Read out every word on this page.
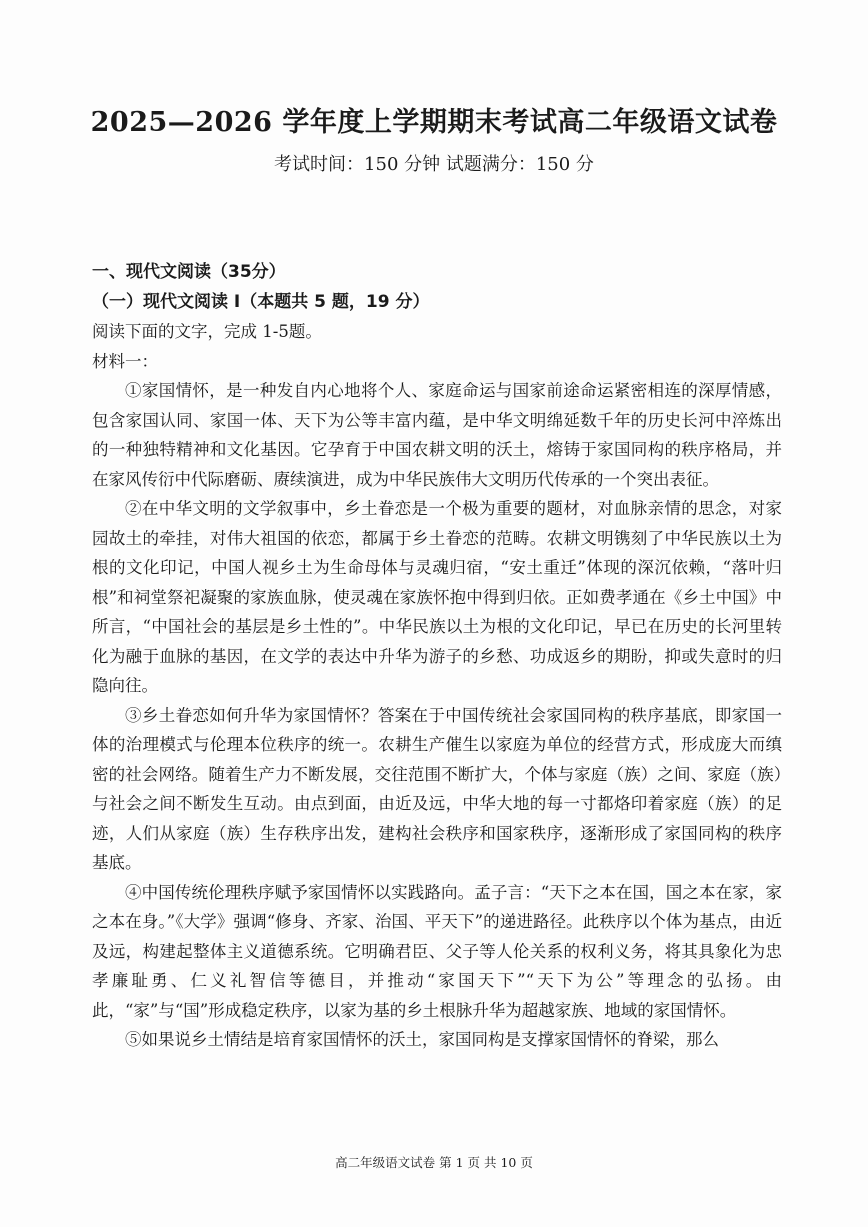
2025—2026 学年度上学期期末考试高二年级语文试卷

考试时间：150 分钟 试题满分：150 分

一、现代文阅读（35分）

（一）现代文阅读 I（本题共 5 题，19 分）

阅读下面的文字，完成 1-5题。

材料一：

①家国情怀，是一种发自内心地将个人、家庭命运与国家前途命运紧密相连的深厚情感，包含家国认同、家国一体、天下为公等丰富内蕴，是中华文明绵延数千年的历史长河中淬炼出的一种独特精神和文化基因。它孕育于中国农耕文明的沃土，熔铸于家国同构的秩序格局，并在家风传衍中代际磨砺、赓续演进，成为中华民族伟大文明历代传承的一个突出表征。

②在中华文明的文学叙事中，乡土眷恋是一个极为重要的题材，对血脉亲情的思念，对家园故土的牵挂，对伟大祖国的依恋，都属于乡土眷恋的范畴。农耕文明镌刻了中华民族以土为根的文化印记，中国人视乡土为生命母体与灵魂归宿，“安土重迁”体现的深沉依赖，“落叶归根”和祠堂祭祀凝聚的家族血脉，使灵魂在家族怀抱中得到归依。正如费孝通在《乡土中国》中所言，“中国社会的基层是乡土性的”。中华民族以土为根的文化印记，早已在历史的长河里转化为融于血脉的基因，在文学的表达中升华为游子的乡愁、功成返乡的期盼，抑或失意时的归隐向往。

③乡土眷恋如何升华为家国情怀？答案在于中国传统社会家国同构的秩序基底，即家国一体的治理模式与伦理本位秩序的统一。农耕生产催生以家庭为单位的经营方式，形成庞大而缜密的社会网络。随着生产力不断发展，交往范围不断扩大，个体与家庭（族）之间、家庭（族）与社会之间不断发生互动。由点到面，由近及远，中华大地的每一寸都烙印着家庭（族）的足迹，人们从家庭（族）生存秩序出发，建构社会秩序和国家秩序，逐渐形成了家国同构的秩序基底。

④中国传统伦理秩序赋予家国情怀以实践路向。孟子言：“天下之本在国，国之本在家，家之本在身。”《大学》强调“修身、齐家、治国、平天下”的递进路径。此秩序以个体为基点，由近及远，构建起整体主义道德系统。它明确君臣、父子等人伦关系的权利义务，将其具象化为忠孝廉耻勇、仁义礼智信等德目，并推动“家国天下”“天下为公”等理念的弘扬。由此，“家”与“国”形成稳定秩序，以家为基的乡土根脉升华为超越家族、地域的家国情怀。

⑤如果说乡土情结是培育家国情怀的沃土，家国同构是支撑家国情怀的脊梁，那么

高二年级语文试卷 第 1 页 共 10 页
